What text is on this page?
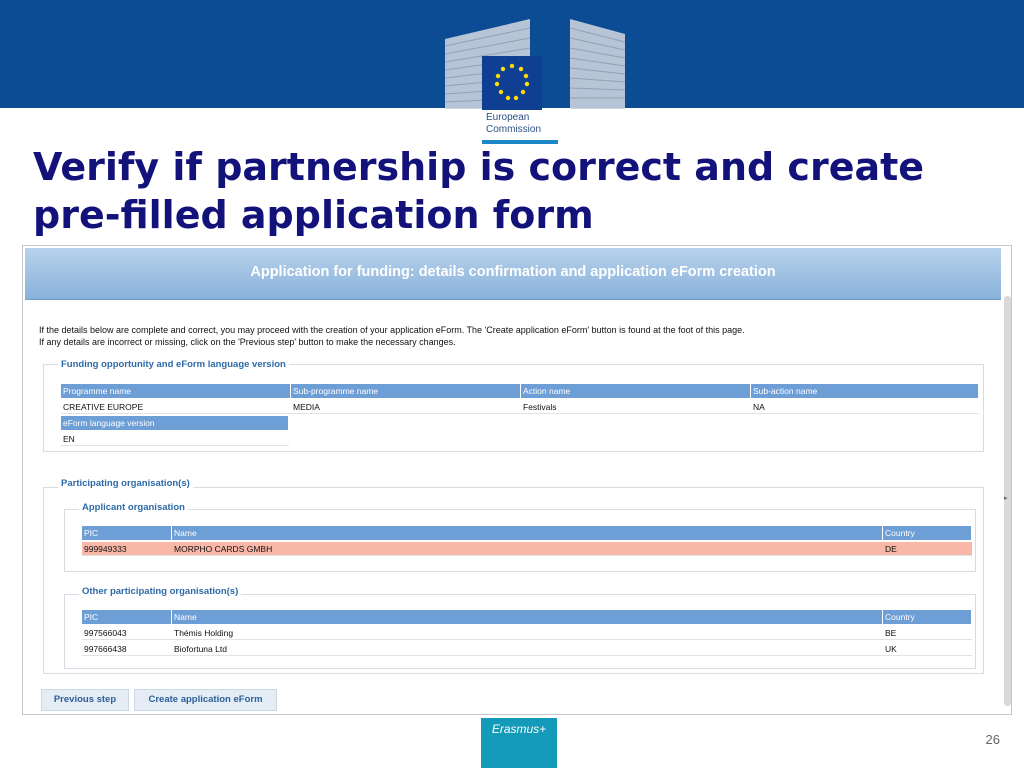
European
Commission
Verify if partnership is correct and create
pre-filled application form
Application for funding: details confirmation and application eForm creation
▸
If the details below are complete and correct, you may proceed with the creation of your application eForm. The 'Create application eForm' button is found at the foot of this page.
If any details are incorrect or missing, click on the 'Previous step' button to make the necessary changes.
Funding opportunity and eForm language version
Programme name	Sub-programme name	Action name	Sub-action name
CREATIVE EUROPE	MEDIA	Festivals	NA
eForm language version
EN
Participating organisation(s)
Applicant organisation
PIC	Name	Country
999949333	MORPHO CARDS GMBH	DE
Other participating organisation(s)
PIC	Name	Country
997566043	Thémis Holding	BE
997666438	Biofortuna Ltd	UK
Previous step	Create application eForm
Erasmus+
26
